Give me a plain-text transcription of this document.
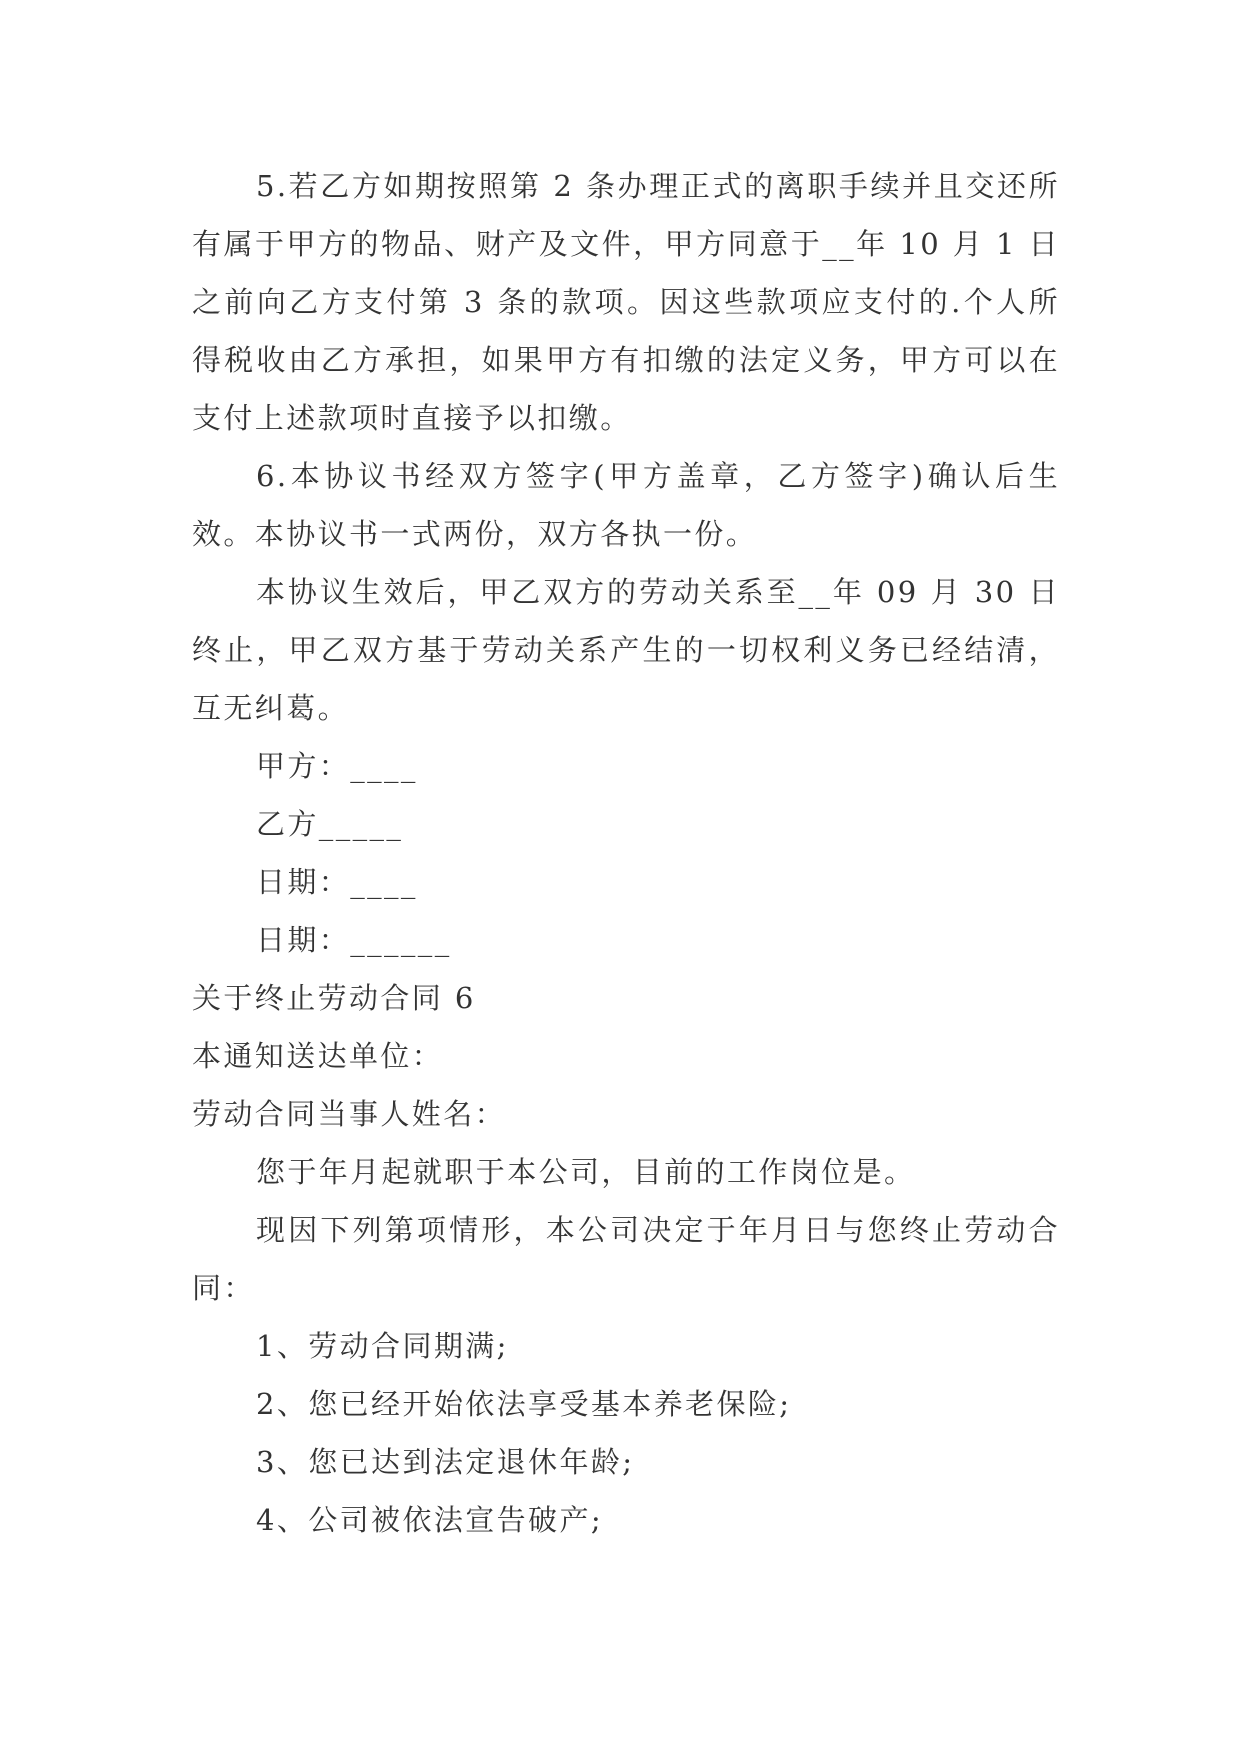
5.若乙方如期按照第 2 条办理正式的离职手续并且交还所有属于甲方的物品、财产及文件，甲方同意于__年 10 月 1 日之前向乙方支付第 3 条的款项。因这些款项应支付的.个人所得税收由乙方承担，如果甲方有扣缴的法定义务，甲方可以在支付上述款项时直接予以扣缴。

6.本协议书经双方签字(甲方盖章，乙方签字)确认后生效。本协议书一式两份，双方各执一份。

本协议生效后，甲乙双方的劳动关系至__年 09 月 30 日终止，甲乙双方基于劳动关系产生的一切权利义务已经结清，互无纠葛。

甲方：____

乙方_____

日期：____

日期：______

关于终止劳动合同 6

本通知送达单位：

劳动合同当事人姓名：

您于年月起就职于本公司，目前的工作岗位是。

现因下列第项情形，本公司决定于年月日与您终止劳动合同：

1、劳动合同期满;

2、您已经开始依法享受基本养老保险;

3、您已达到法定退休年龄;

4、公司被依法宣告破产;
